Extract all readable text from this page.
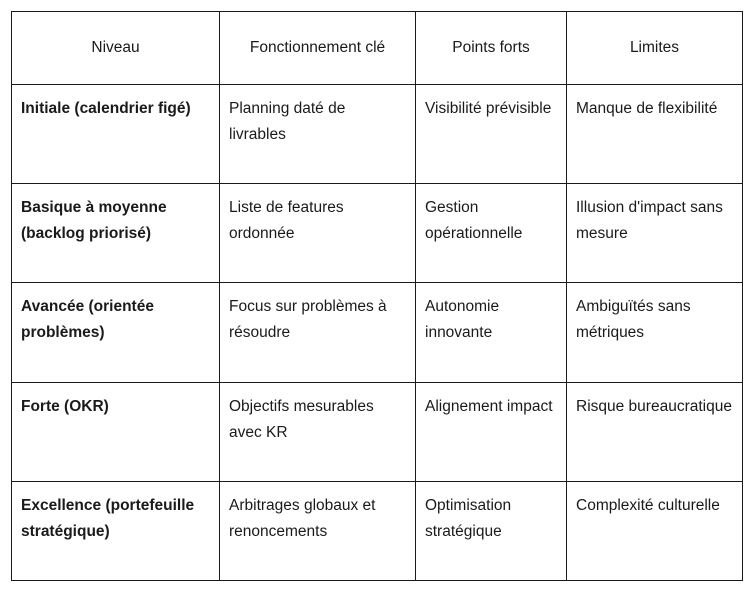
Niveau	Fonctionnement clé	Points forts	Limites
Initiale (calendrier figé)	Planning daté de livrables	Visibilité prévisible	Manque de flexibilité
Basique à moyenne (backlog priorisé)	Liste de features ordonnée	Gestion opérationnelle	Illusion d'impact sans mesure
Avancée (orientée problèmes)	Focus sur problèmes à résoudre	Autonomie innovante	Ambiguïtés sans métriques
Forte (OKR)	Objectifs mesurables avec KR	Alignement impact	Risque bureaucratique
Excellence (portefeuille stratégique)	Arbitrages globaux et renoncements	Optimisation stratégique	Complexité culturelle
